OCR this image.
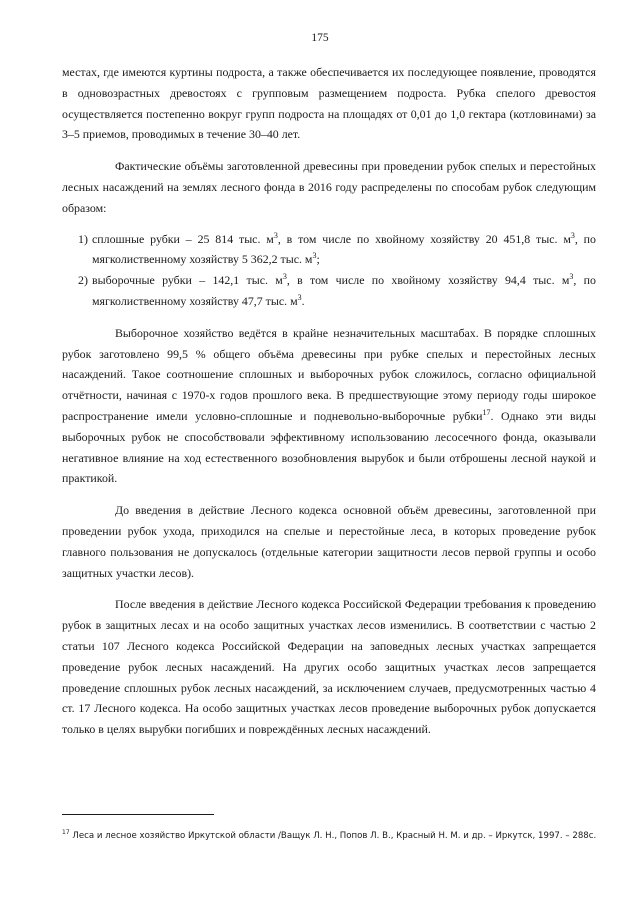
175

местах, где имеются куртины подроста, а также обеспечивается их последующее появление, проводятся в одновозрастных древостоях с групповым размещением подроста. Рубка спелого древостоя осуществляется постепенно вокруг групп подроста на площадях от 0,01 до 1,0 гектара (котловинами) за 3–5 приемов, проводимых в течение 30–40 лет.

Фактические объёмы заготовленной древесины при проведении рубок спелых и перестойных лесных насаждений на землях лесного фонда в 2016 году распределены по способам рубок следующим образом:

1) сплошные рубки – 25 814 тыс. $м^3$, в том числе по хвойному хозяйству 20 451,8 тыс. $м^3$, по мягколиственному хозяйству 5 362,2 тыс. $м^3$;
2) выборочные рубки – 142,1 тыс. $м^3$, в том числе по хвойному хозяйству 94,4 тыс. $м^3$, по мягколиственному хозяйству 47,7 тыс. $м^3$.

Выборочное хозяйство ведётся в крайне незначительных масштабах. В порядке сплошных рубок заготовлено 99,5 % общего объёма древесины при рубке спелых и перестойных лесных насаждений. Такое соотношение сплошных и выборочных рубок сложилось, согласно официальной отчётности, начиная с 1970-х годов прошлого века. В предшествующие этому периоду годы широкое распространение имели условно-сплошные и подневольно-выборочные рубки$^{17}$. Однако эти виды выборочных рубок не способствовали эффективному использованию лесосечного фонда, оказывали негативное влияние на ход естественного возобновления вырубок и были отброшены лесной наукой и практикой.

До введения в действие Лесного кодекса основной объём древесины, заготовленной при проведении рубок ухода, приходился на спелые и перестойные леса, в которых проведение рубок главного пользования не допускалось (отдельные категории защитности лесов первой группы и особо защитных участки лесов).

После введения в действие Лесного кодекса Российской Федерации требования к проведению рубок в защитных лесах и на особо защитных участках лесов изменились. В соответствии с частью 2 статьи 107 Лесного кодекса Российской Федерации на заповедных лесных участках запрещается проведение рубок лесных насаждений. На других особо защитных участках лесов запрещается проведение сплошных рубок лесных насаждений, за исключением случаев, предусмотренных частью 4 ст. 17 Лесного кодекса. На особо защитных участках лесов проведение выборочных рубок допускается только в целях вырубки погибших и повреждённых лесных насаждений.

$^{17}$ Леса и лесное хозяйство Иркутской области /Ващук Л. Н., Попов Л. В., Красный Н. М. и др. – Иркутск, 1997. – 288с.
